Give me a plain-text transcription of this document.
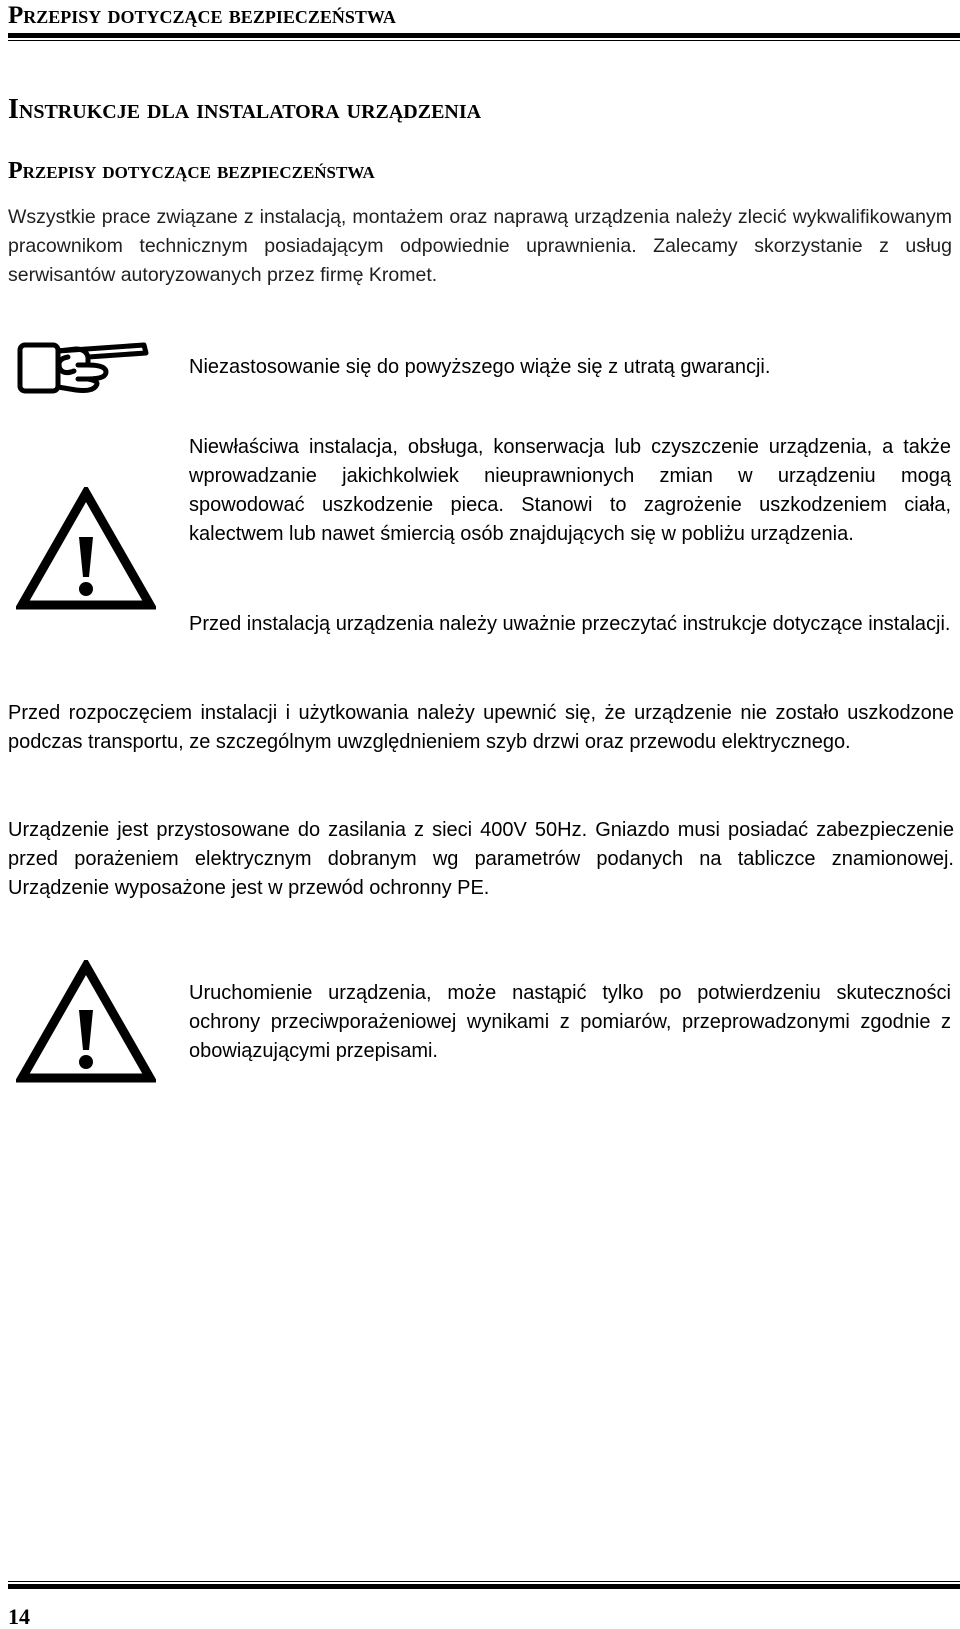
Przepisy dotyczące bezpieczeństwa
Instrukcje dla instalatora urządzenia
Przepisy dotyczące bezpieczeństwa

Wszystkie prace związane z instalacją, montażem oraz naprawą urządzenia należy zlecić wykwalifikowanym pracownikom technicznym posiadającym odpowiednie uprawnienia. Zalecamy skorzystanie z usług serwisantów autoryzowanych przez firmę Kromet.

Niezastosowanie się do powyższego wiąże się z utratą gwarancji.

Niewłaściwa instalacja, obsługa, konserwacja lub czyszczenie urządzenia, a także wprowadzanie jakichkolwiek nieuprawnionych zmian w urządzeniu mogą spowodować uszkodzenie pieca. Stanowi to zagrożenie uszkodzeniem ciała, kalectwem lub nawet śmiercią osób znajdujących się w pobliżu urządzenia.

Przed instalacją urządzenia należy uważnie przeczytać instrukcje dotyczące instalacji.

Przed rozpoczęciem instalacji i użytkowania należy upewnić się, że urządzenie nie zostało uszkodzone podczas transportu, ze szczególnym uwzględnieniem szyb drzwi oraz przewodu elektrycznego.

Urządzenie jest przystosowane do zasilania z sieci 400V 50Hz. Gniazdo musi posiadać zabezpieczenie przed porażeniem elektrycznym dobranym wg parametrów podanych na tabliczce znamionowej. Urządzenie wyposażone jest w przewód ochronny PE.

Uruchomienie urządzenia, może nastąpić tylko po potwierdzeniu skuteczności ochrony przeciwporażeniowej wynikami z pomiarów, przeprowadzonymi zgodnie z obowiązującymi przepisami.

14
